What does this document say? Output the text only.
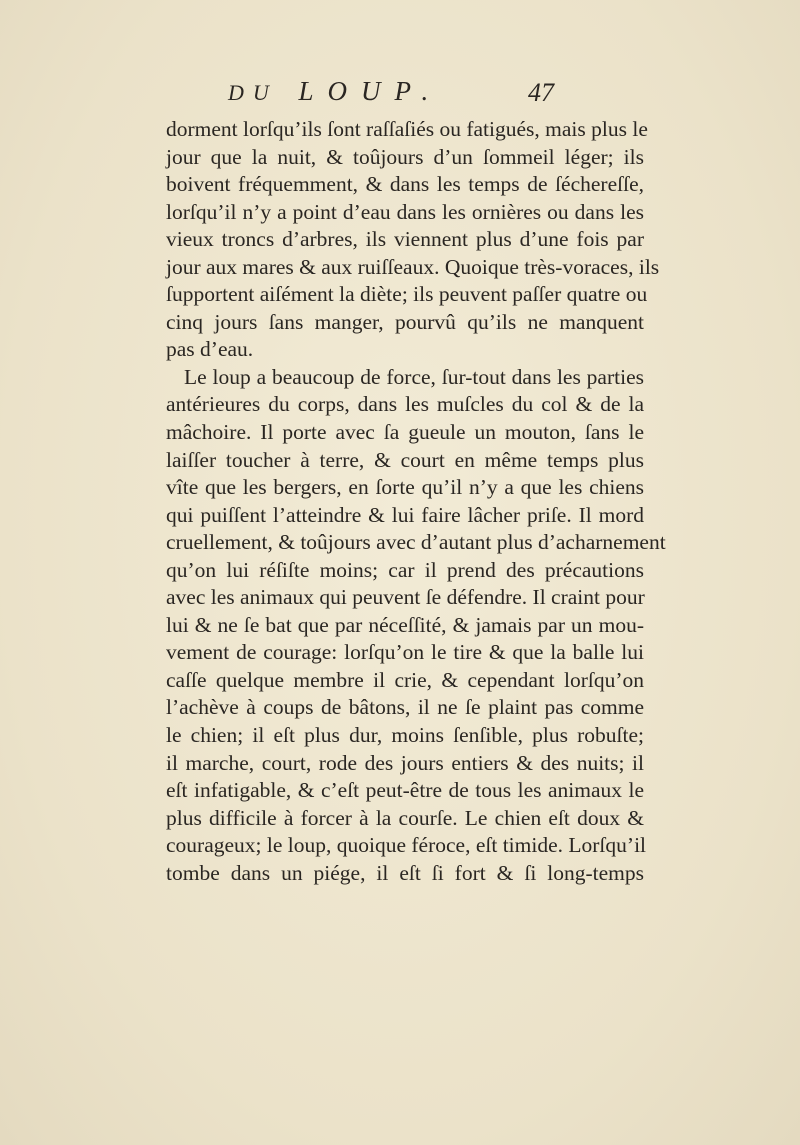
DU LOUP.	47
dorment lorſqu’ils ſont raſſaſiés ou fatigués, mais plus le
jour que la nuit, & toûjours d’un ſommeil léger; ils
boivent fréquemment, & dans les temps de ſéchereſſe,
lorſqu’il n’y a point d’eau dans les ornières ou dans les
vieux troncs d’arbres, ils viennent plus d’une fois par
jour aux mares & aux ruiſſeaux. Quoique très-voraces, ils
ſupportent aiſément la diète; ils peuvent paſſer quatre ou
cinq jours ſans manger, pourvû qu’ils ne manquent
pas d’eau.
Le loup a beaucoup de force, ſur-tout dans les parties
antérieures du corps, dans les muſcles du col & de la
mâchoire. Il porte avec ſa gueule un mouton, ſans le
laiſſer toucher à terre, & court en même temps plus
vîte que les bergers, en ſorte qu’il n’y a que les chiens
qui puiſſent l’atteindre & lui faire lâcher priſe. Il mord
cruellement, & toûjours avec d’autant plus d’acharnement
qu’on lui réſiſte moins; car il prend des précautions
avec les animaux qui peuvent ſe défendre. Il craint pour
lui & ne ſe bat que par néceſſité, & jamais par un mou-
vement de courage: lorſqu’on le tire & que la balle lui
caſſe quelque membre il crie, & cependant lorſqu’on
l’achève à coups de bâtons, il ne ſe plaint pas comme
le chien; il eſt plus dur, moins ſenſible, plus robuſte;
il marche, court, rode des jours entiers & des nuits; il
eſt infatigable, & c’eſt peut-être de tous les animaux le
plus difficile à forcer à la courſe. Le chien eſt doux &
courageux; le loup, quoique féroce, eſt timide. Lorſqu’il
tombe dans un piége, il eſt ſi fort & ſi long-temps
